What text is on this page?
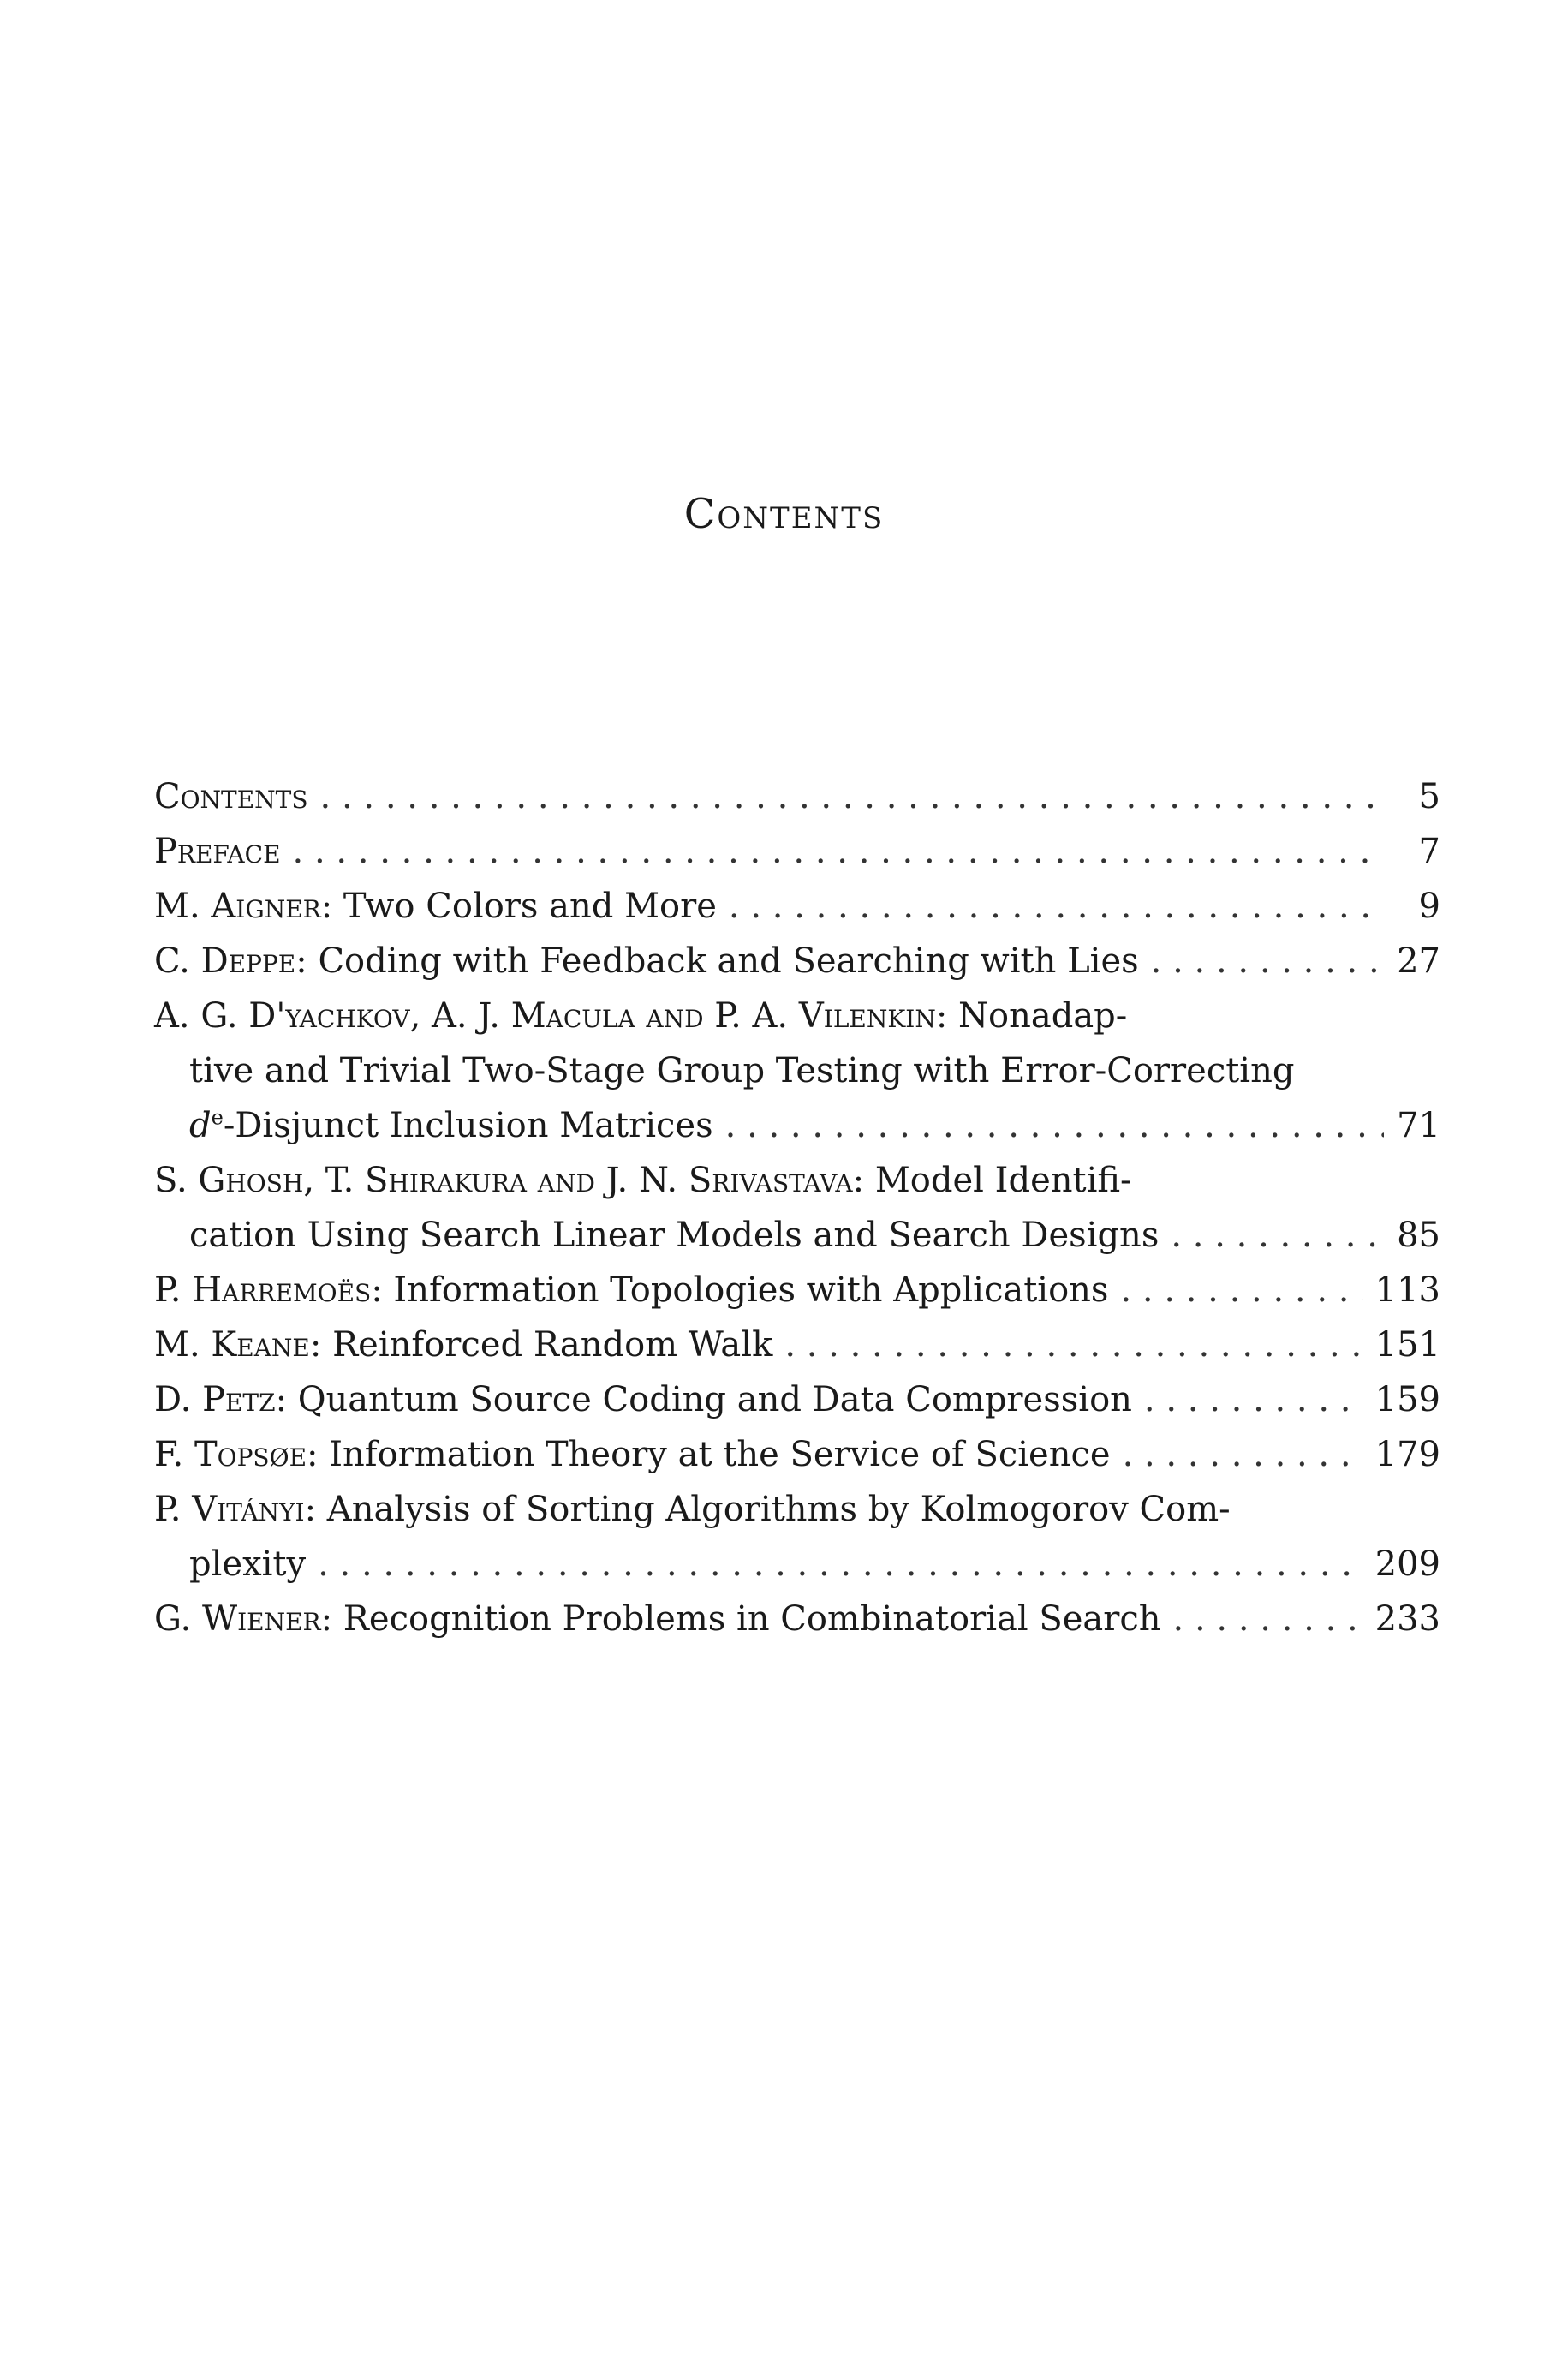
Contents
Contents . . .	5
Preface . . .	7
M. Aigner: Two Colors and More . . .	9
C. Deppe: Coding with Feedback and Searching with Lies . . .	27
A. G. D'yachkov, A. J. Macula and P. A. Vilenkin: Nonadap-
tive and Trivial Two-Stage Group Testing with Error-Correcting
$d^e$-Disjunct Inclusion Matrices . . .	71
S. Ghosh, T. Shirakura and J. N. Srivastava: Model Identifi-
cation Using Search Linear Models and Search Designs . . .	85
P. Harremoës: Information Topologies with Applications . . .	113
M. Keane: Reinforced Random Walk . . .	151
D. Petz: Quantum Source Coding and Data Compression . . .	159
F. Topsøe: Information Theory at the Service of Science . . .	179
P. Vitányi: Analysis of Sorting Algorithms by Kolmogorov Com-
plexity . . .	209
G. Wiener: Recognition Problems in Combinatorial Search . . .	233
